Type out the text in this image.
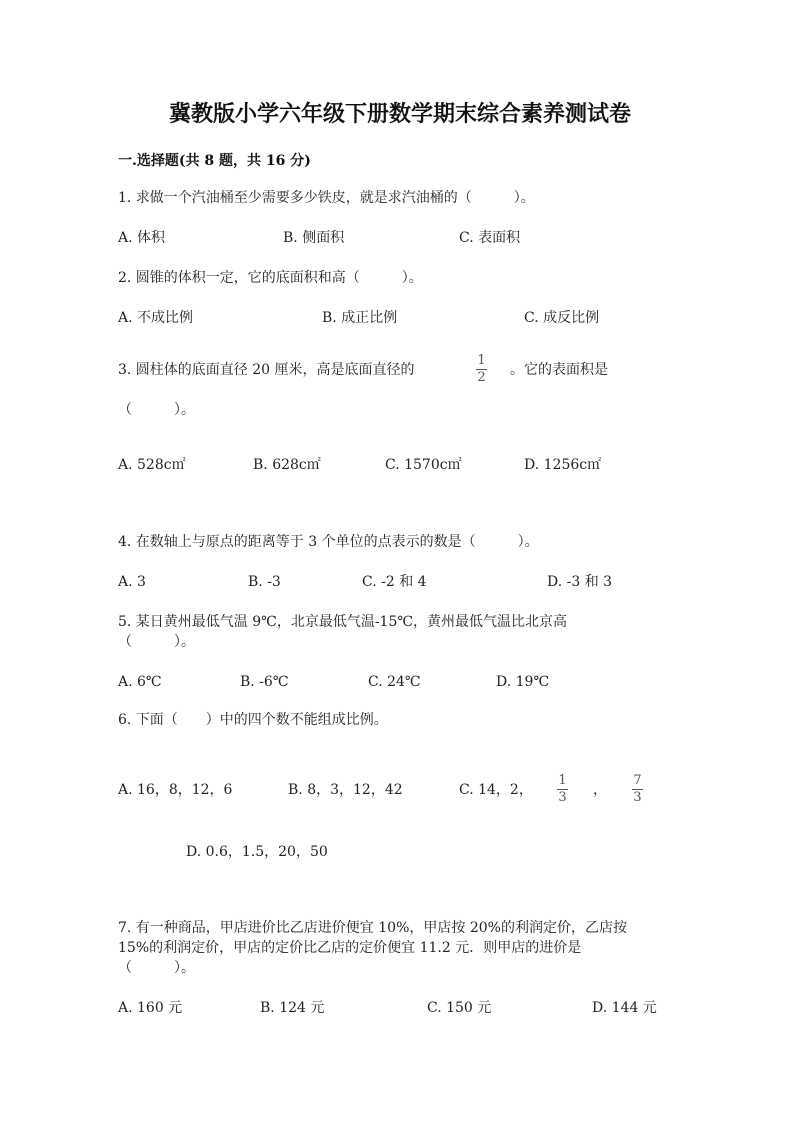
冀教版小学六年级下册数学期末综合素养测试卷
一.选择题(共 8 题，共 16 分)
1. 求做一个汽油桶至少需要多少铁皮，就是求汽油桶的（　　　）。
A. 体积	B. 侧面积	C. 表面积
2. 圆锥的体积一定，它的底面积和高（　　　）。
A. 不成比例	B. 成正比例	C. 成反比例
3. 圆柱体的底面直径 20 厘米，高是底面直径的
1
2 。它的表面积是
（　　　）。
A. 528c㎡	B. 628c㎡	C. 1570c㎡	D. 1256c㎡
4. 在数轴上与原点的距离等于 3 个单位的点表示的数是（　　　）。
A. 3	B. -3	C. -2 和 4	D. -3 和 3
5. 某日黄州最低气温 9℃，北京最低气温-15℃，黄州最低气温比北京高
（　　　）。
A. 6℃	B. -6℃	C. 24℃	D. 19℃
6. 下面（　　）中的四个数不能组成比例。
A. 16，8，12，6	B. 8，3，12，42	C. 14，2，
1
3 ，
7
3
D. 0.6，1.5，20，50
7. 有一种商品，甲店进价比乙店进价便宜 10%，甲店按 20%的利润定价，乙店按
15%的利润定价，甲店的定价比乙店的定价便宜 11.2 元．则甲店的进价是
（　　　）。
A. 160 元	B. 124 元	C. 150 元	D. 144 元
